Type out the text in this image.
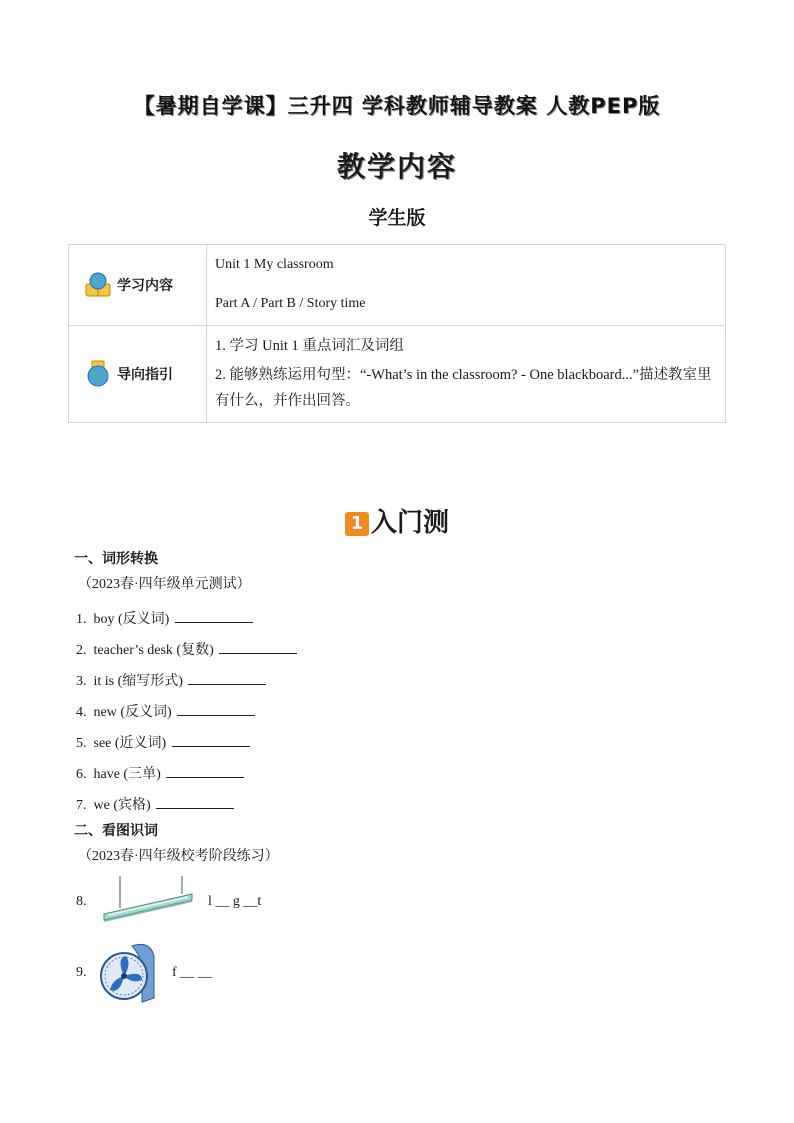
【暑期自学课】三升四 学科教师辅导教案 人教PEP版
教学内容
学生版
学习内容	Unit 1 My classroom
Part A / Part B / Story time

导向指引	1. 学习 Unit 1 重点词汇及词组
2. 能够熟练运用句型：“-What’s in the classroom? - One blackboard...”描述教室里有什么，并作出回答。
1 入门测
一、词形转换
（2023春·四年级单元测试）
1. boy (反义词)
2. teacher’s desk (复数)
3. it is (缩写形式)
4. new (反义词)
5. see (近义词)
6. have (三单)
7. we (宾格)
二、看图识词
（2023春·四年级校考阶段练习）
8.	l __ g __t
9.	f __ __
